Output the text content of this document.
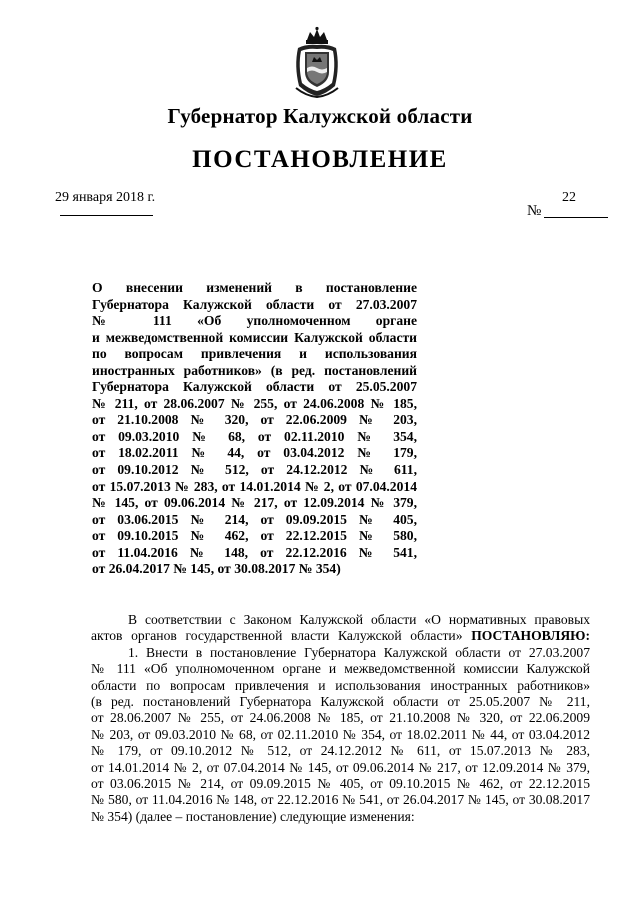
Губернатор Калужской области
ПОСТАНОВЛЕНИЕ
29 января 2018 г.	22
№
О внесении изменений в постановление
Губернатора Калужской области от 27.03.2007
№ 111 «Об уполномоченном органе
и межведомственной комиссии Калужской области
по вопросам привлечения и использования
иностранных работников» (в ред. постановлений
Губернатора Калужской области от 25.05.2007
№ 211, от 28.06.2007 № 255, от 24.06.2008 № 185,
от 21.10.2008 № 320, от 22.06.2009 № 203,
от 09.03.2010 № 68, от 02.11.2010 № 354,
от 18.02.2011 № 44, от 03.04.2012 № 179,
от 09.10.2012 № 512, от 24.12.2012 № 611,
от 15.07.2013 № 283, от 14.01.2014 № 2, от 07.04.2014
№ 145, от 09.06.2014 № 217, от 12.09.2014 № 379,
от 03.06.2015 № 214, от 09.09.2015 № 405,
от 09.10.2015 № 462, от 22.12.2015 № 580,
от 11.04.2016 № 148, от 22.12.2016 № 541,
от 26.04.2017 № 145, от 30.08.2017 № 354)
В соответствии с Законом Калужской области «О нормативных правовых
актов органов государственной власти Калужской области» ПОСТАНОВЛЯЮ:
1. Внести в постановление Губернатора Калужской области от 27.03.2007
№ 111 «Об уполномоченном органе и межведомственной комиссии Калужской
области по вопросам привлечения и использования иностранных работников»
(в ред. постановлений Губернатора Калужской области от 25.05.2007 № 211,
от 28.06.2007 № 255, от 24.06.2008 № 185, от 21.10.2008 № 320, от 22.06.2009
№ 203, от 09.03.2010 № 68, от 02.11.2010 № 354, от 18.02.2011 № 44, от 03.04.2012
№ 179, от 09.10.2012 № 512, от 24.12.2012 № 611, от 15.07.2013 № 283,
от 14.01.2014 № 2, от 07.04.2014 № 145, от 09.06.2014 № 217, от 12.09.2014 № 379,
от 03.06.2015 № 214, от 09.09.2015 № 405, от 09.10.2015 № 462, от 22.12.2015
№ 580, от 11.04.2016 № 148, от 22.12.2016 № 541, от 26.04.2017 № 145, от 30.08.2017
№ 354) (далее – постановление) следующие изменения:
